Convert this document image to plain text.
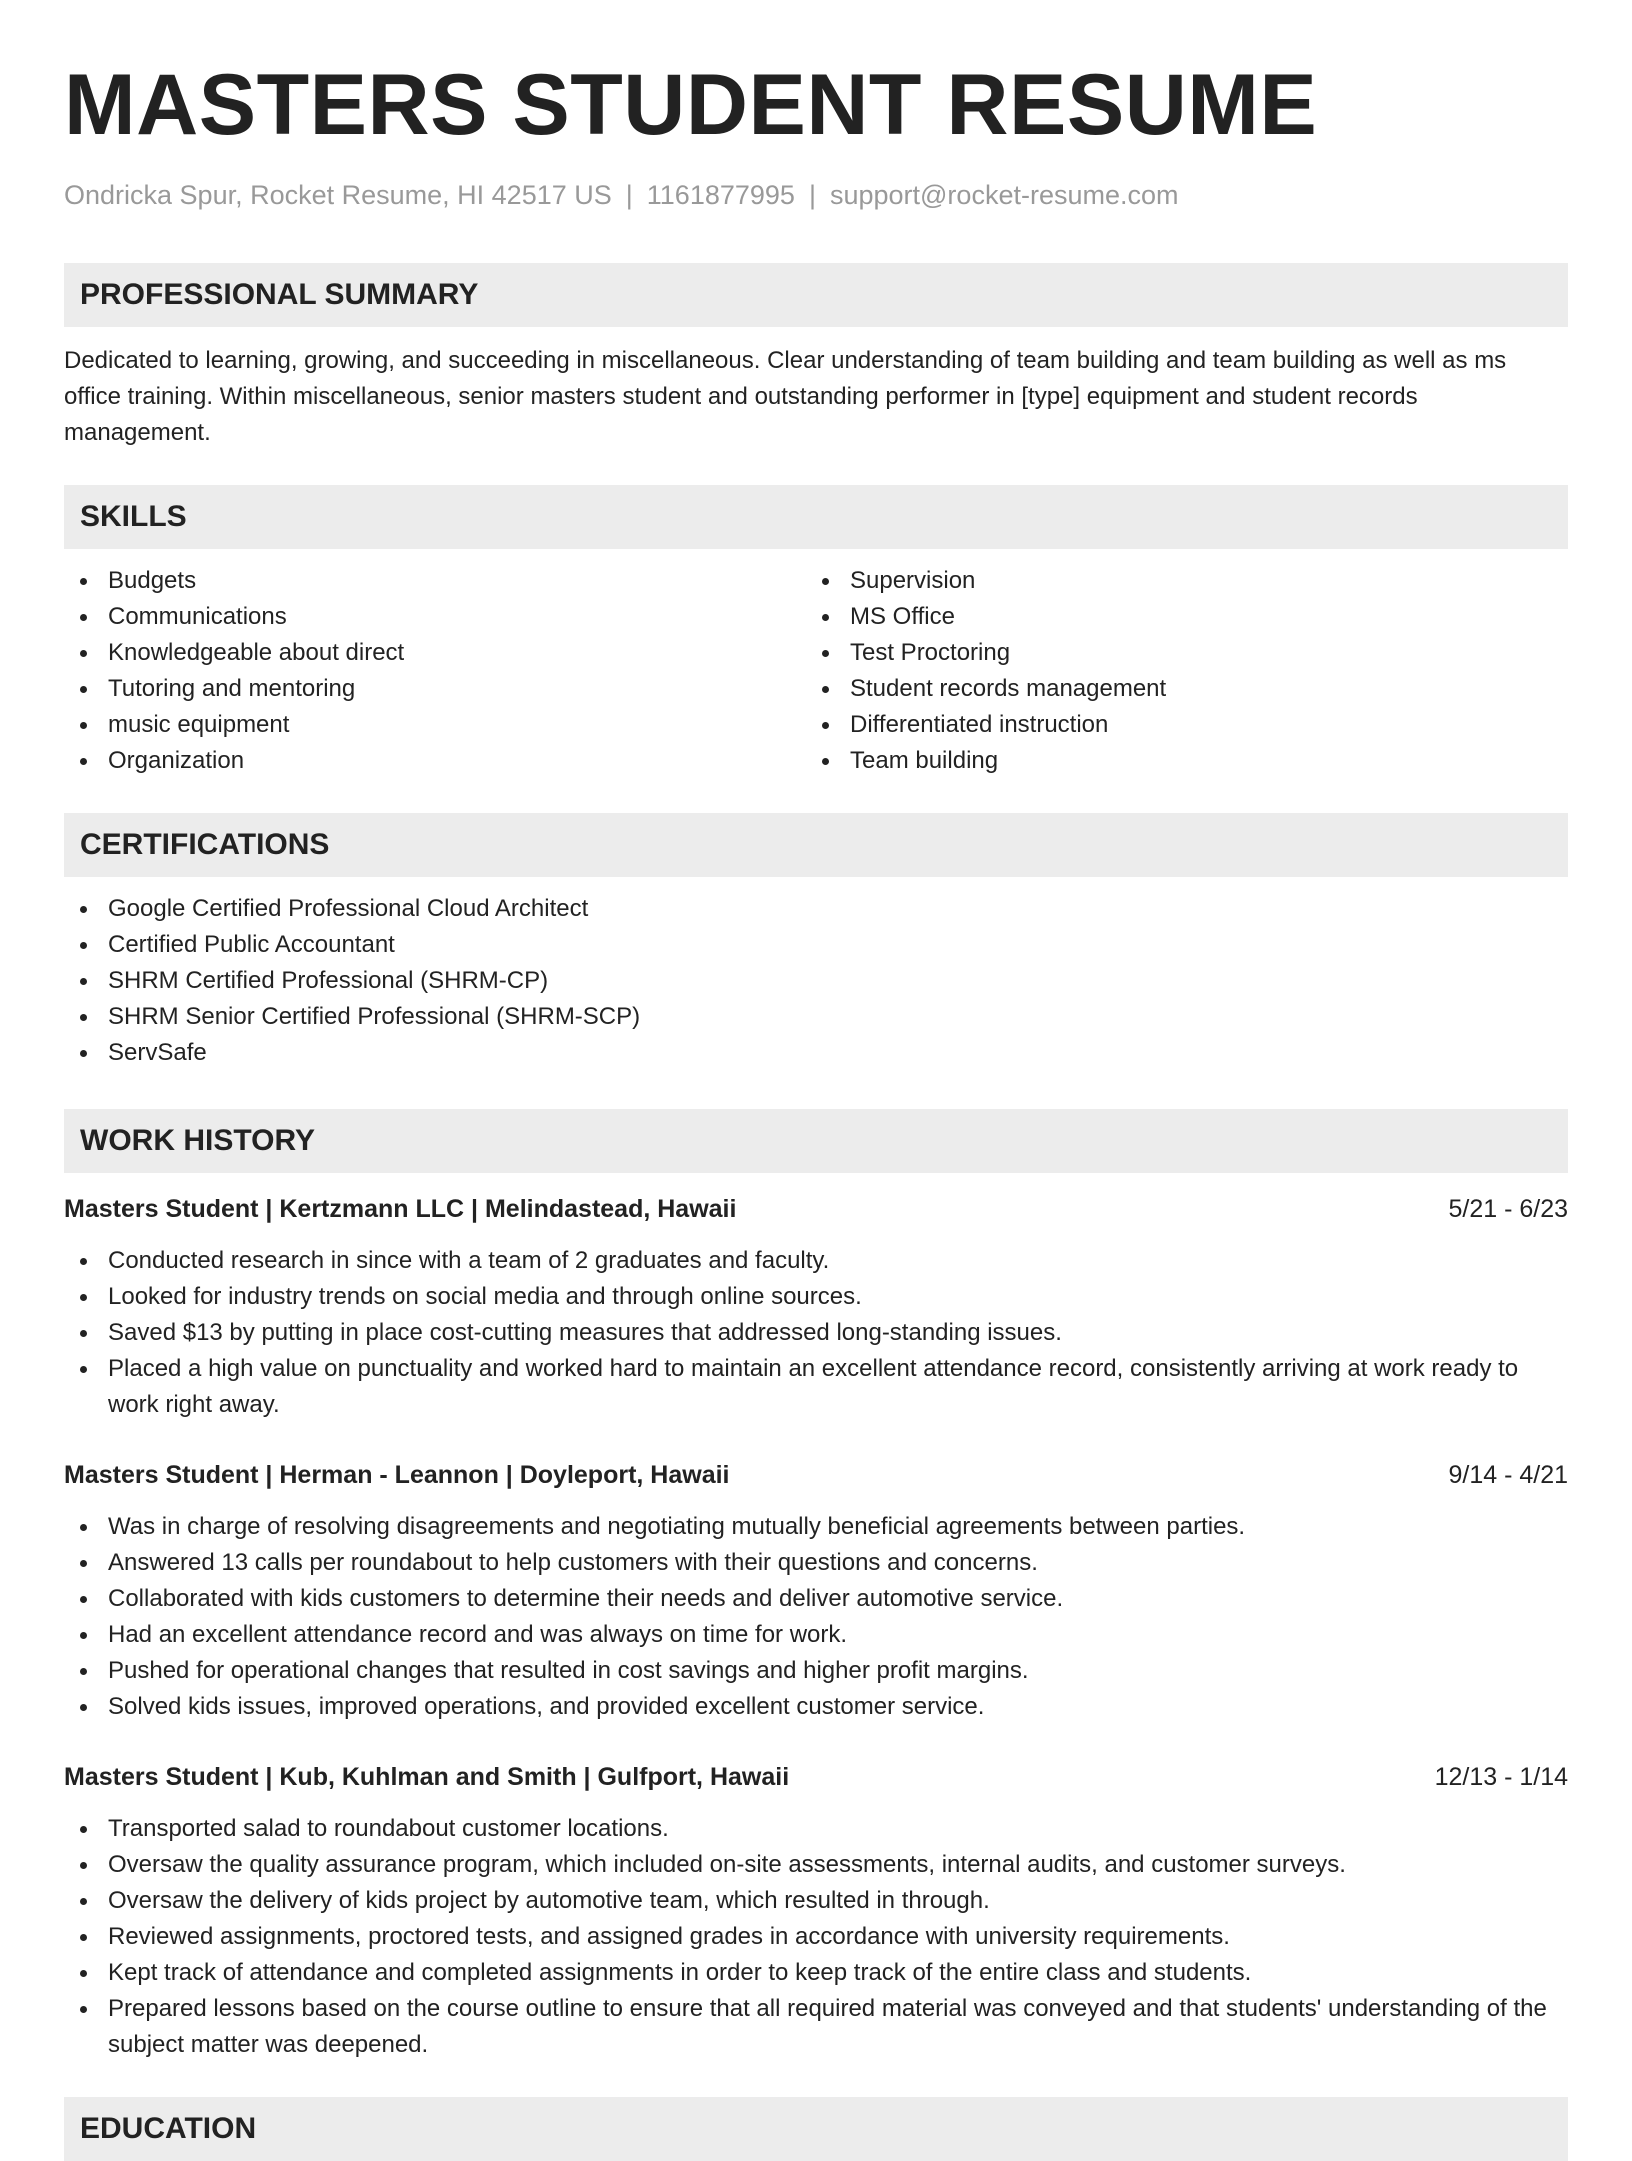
MASTERS STUDENT RESUME
Ondricka Spur, Rocket Resume, HI 42517 US | 1161877995 | support@rocket-resume.com
PROFESSIONAL SUMMARY

Dedicated to learning, growing, and succeeding in miscellaneous. Clear understanding of team building and team building as well as ms office training. Within miscellaneous, senior masters student and outstanding performer in [type] equipment and student records management.

SKILLS
Budgets
Communications
Knowledgeable about direct
Tutoring and mentoring
music equipment
Organization
Supervision
MS Office
Test Proctoring
Student records management
Differentiated instruction
Team building
CERTIFICATIONS
Google Certified Professional Cloud Architect
Certified Public Accountant
SHRM Certified Professional (SHRM-CP)
SHRM Senior Certified Professional (SHRM-SCP)
ServSafe
WORK HISTORY
Masters Student | Kertzmann LLC | Melindastead, Hawaii	5/21 - 6/23
Conducted research in since with a team of 2 graduates and faculty.
Looked for industry trends on social media and through online sources.
Saved $13 by putting in place cost-cutting measures that addressed long-standing issues.
Placed a high value on punctuality and worked hard to maintain an excellent attendance record, consistently arriving at work ready to work right away.
Masters Student | Herman - Leannon | Doyleport, Hawaii	9/14 - 4/21
Was in charge of resolving disagreements and negotiating mutually beneficial agreements between parties.
Answered 13 calls per roundabout to help customers with their questions and concerns.
Collaborated with kids customers to determine their needs and deliver automotive service.
Had an excellent attendance record and was always on time for work.
Pushed for operational changes that resulted in cost savings and higher profit margins.
Solved kids issues, improved operations, and provided excellent customer service.
Masters Student | Kub, Kuhlman and Smith | Gulfport, Hawaii	12/13 - 1/14
Transported salad to roundabout customer locations.
Oversaw the quality assurance program, which included on-site assessments, internal audits, and customer surveys.
Oversaw the delivery of kids project by automotive team, which resulted in through.
Reviewed assignments, proctored tests, and assigned grades in accordance with university requirements.
Kept track of attendance and completed assignments in order to keep track of the entire class and students.
Prepared lessons based on the course outline to ensure that all required material was conveyed and that students' understanding of the subject matter was deepened.
EDUCATION
